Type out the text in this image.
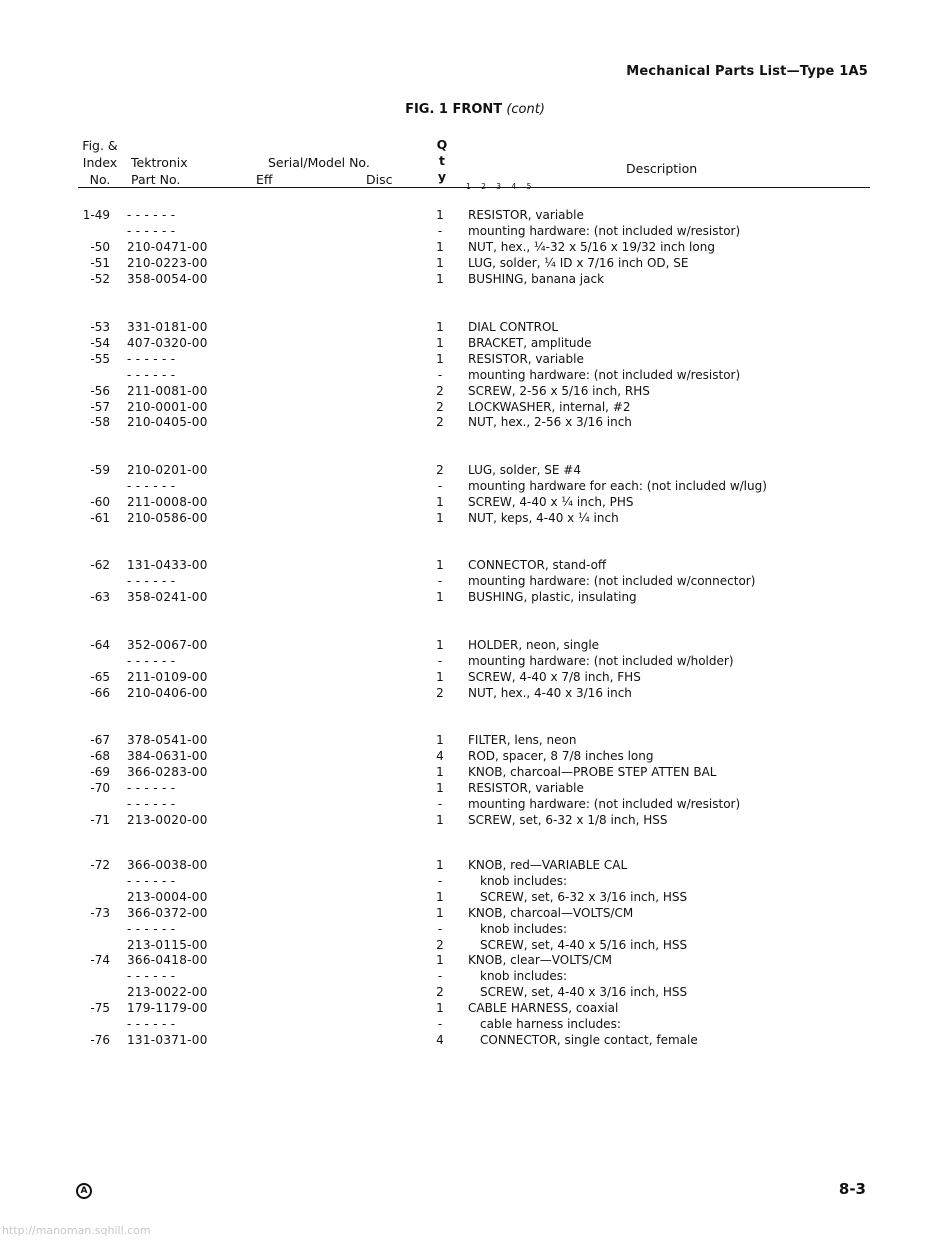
Mechanical Parts List—Type 1A5
FIG. 1 FRONT (cont)
Fig. &
Index
No.
Tektronix
Part No.
Serial/Model No.
Eff	Disc
Q
t
y
Description
1-49 - - - - - -	1	RESISTOR, variable
- - - - - -	-	mounting hardware: (not included w/resistor)
-50 210-0471-00	1	NUT, hex., ¼-32 x 5/16 x 19/32 inch long
-51 210-0223-00	1	LUG, solder, ¼ ID x 7/16 inch OD, SE
-52 358-0054-00	1	BUSHING, banana jack
-53 331-0181-00	1	DIAL CONTROL
-54 407-0320-00	1	BRACKET, amplitude
-55 - - - - - -	1	RESISTOR, variable
- - - - - -	-	mounting hardware: (not included w/resistor)
-56 211-0081-00	2	SCREW, 2-56 x 5/16 inch, RHS
-57 210-0001-00	2	LOCKWASHER, internal, #2
-58 210-0405-00	2	NUT, hex., 2-56 x 3/16 inch
-59 210-0201-00	2	LUG, solder, SE #4
- - - - - -	-	mounting hardware for each: (not included w/lug)
-60 211-0008-00	1	SCREW, 4-40 x ¼ inch, PHS
-61 210-0586-00	1	NUT, keps, 4-40 x ¼ inch
-62 131-0433-00	1	CONNECTOR, stand-off
- - - - - -	-	mounting hardware: (not included w/connector)
-63 358-0241-00	1	BUSHING, plastic, insulating
-64 352-0067-00	1	HOLDER, neon, single
- - - - - -	-	mounting hardware: (not included w/holder)
-65 211-0109-00	1	SCREW, 4-40 x 7/8 inch, FHS
-66 210-0406-00	2	NUT, hex., 4-40 x 3/16 inch
-67 378-0541-00	1	FILTER, lens, neon
-68 384-0631-00	4	ROD, spacer, 8 7/8 inches long
-69 366-0283-00	1	KNOB, charcoal—PROBE STEP ATTEN BAL
-70 - - - - - -	1	RESISTOR, variable
- - - - - -	-	mounting hardware: (not included w/resistor)
-71 213-0020-00	1	SCREW, set, 6-32 x 1/8 inch, HSS
-72 366-0038-00	1	KNOB, red—VARIABLE CAL
- - - - - -	-	knob includes:
213-0004-00	1	SCREW, set, 6-32 x 3/16 inch, HSS
-73 366-0372-00	1	KNOB, charcoal—VOLTS/CM
- - - - - -	-	knob includes:
213-0115-00	2	SCREW, set, 4-40 x 5/16 inch, HSS
-74 366-0418-00	1	KNOB, clear—VOLTS/CM
- - - - - -	-	knob includes:
213-0022-00	2	SCREW, set, 4-40 x 3/16 inch, HSS
-75 179-1179-00	1	CABLE HARNESS, coaxial
- - - - - -	-	cable harness includes:
-76 131-0371-00	4	CONNECTOR, single contact, female
A	8-3
http://manoman.sqhill.com
